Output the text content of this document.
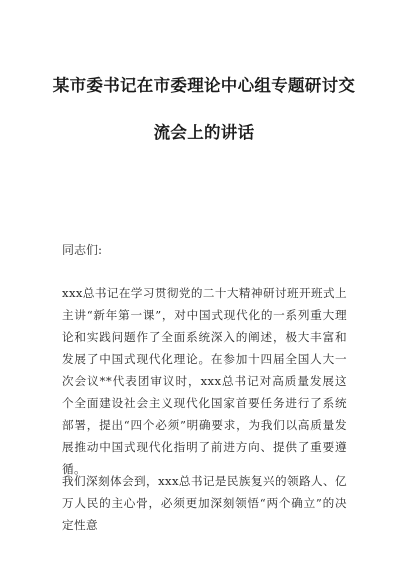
某市委书记在市委理论中心组专题研讨交
流会上的讲话
同志们:
xxx总书记在学习贯彻党的二十大精神研讨班开班式上主讲“新年第一课”，对中国式现代化的一系列重大理论和实践问题作了全面系统深入的阐述，极大丰富和发展了中国式现代化理论。在参加十四届全国人大一次会议**代表团审议时，xxx总书记对高质量发展这个全面建设社会主义现代化国家首要任务进行了系统部署，提出“四个必须”明确要求，为我们以高质量发展推动中国式现代化指明了前进方向、提供了重要遵循。
我们深刻体会到，xxx总书记是民族复兴的领路人、亿万人民的主心骨，必须更加深刻领悟“两个确立”的决定性意
